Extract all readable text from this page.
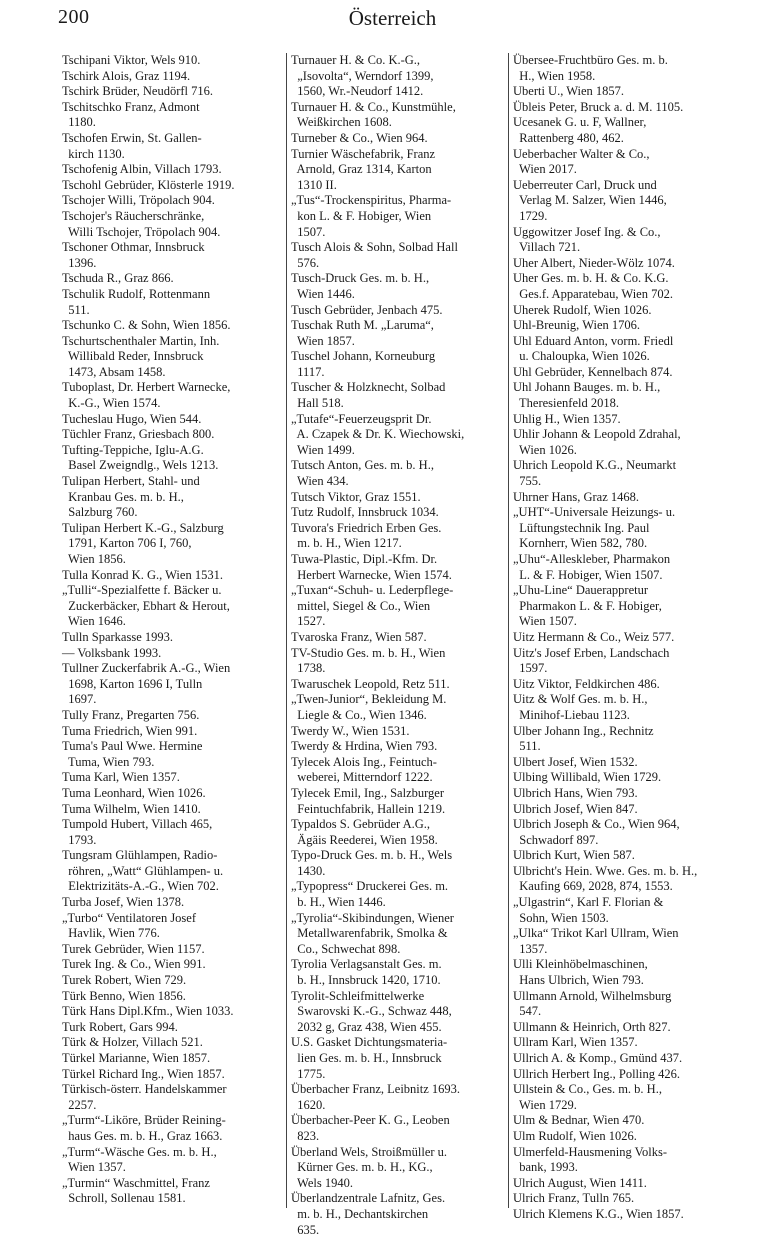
200	Österreich
Tschipani Viktor, Wels 910.
Tschirk Alois, Graz 1194.
Tschirk Brüder, Neudörfl 716.
Tschitschko Franz, Admont
1180.
Tschofen Erwin, St. Gallen-
kirch 1130.
Tschofenig Albin, Villach 1793.
Tschohl Gebrüder, Klösterle 1919.
Tschojer Willi, Tröpolach 904.
Tschojer's Räucherschränke,
Willi Tschojer, Tröpolach 904.
Tschoner Othmar, Innsbruck
1396.
Tschuda R., Graz 866.
Tschulik Rudolf, Rottenmann
511.
Tschunko C. & Sohn, Wien 1856.
Tschurtschenthaler Martin, Inh.
Willibald Reder, Innsbruck
1473, Absam 1458.
Tuboplast, Dr. Herbert Warnecke,
K.-G., Wien 1574.
Tucheslau Hugo, Wien 544.
Tüchler Franz, Griesbach 800.
Tufting-Teppiche, Iglu-A.G.
Basel Zweigndlg., Wels 1213.
Tulipan Herbert, Stahl- und
Kranbau Ges. m. b. H.,
Salzburg 760.
Tulipan Herbert K.-G., Salzburg
1791, Karton 706 I, 760,
Wien 1856.
Tulla Konrad K. G., Wien 1531.
„Tulli“-Spezialfette f. Bäcker u.
Zuckerbäcker, Ebhart & Herout,
Wien 1646.
Tulln Sparkasse 1993.
— Volksbank 1993.
Tullner Zuckerfabrik A.-G., Wien
1698, Karton 1696 I, Tulln
1697.
Tully Franz, Pregarten 756.
Tuma Friedrich, Wien 991.
Tuma's Paul Wwe. Hermine
Tuma, Wien 793.
Tuma Karl, Wien 1357.
Tuma Leonhard, Wien 1026.
Tuma Wilhelm, Wien 1410.
Tumpold Hubert, Villach 465,
1793.
Tungsram Glühlampen, Radio-
röhren, „Watt“ Glühlampen- u.
Elektrizitäts-A.-G., Wien 702.
Turba Josef, Wien 1378.
„Turbo“ Ventilatoren Josef
Havlik, Wien 776.
Turek Gebrüder, Wien 1157.
Turek Ing. & Co., Wien 991.
Turek Robert, Wien 729.
Türk Benno, Wien 1856.
Türk Hans Dipl.Kfm., Wien 1033.
Turk Robert, Gars 994.
Türk & Holzer, Villach 521.
Türkel Marianne, Wien 1857.
Türkel Richard Ing., Wien 1857.
Türkisch-österr. Handelskammer
2257.
„Turm“-Liköre, Brüder Reining-
haus Ges. m. b. H., Graz 1663.
„Turm“-Wäsche Ges. m. b. H.,
Wien 1357.
„Turmin“ Waschmittel, Franz
Schroll, Sollenau 1581.
Turnauer H. & Co. K.-G.,
„Isovolta“, Werndorf 1399,
1560, Wr.-Neudorf 1412.
Turnauer H. & Co., Kunstmühle,
Weißkirchen 1608.
Turneber & Co., Wien 964.
Turnier Wäschefabrik, Franz
Arnold, Graz 1314, Karton
1310 II.
„Tus“-Trockenspiritus, Pharma-
kon L. & F. Hobiger, Wien
1507.
Tusch Alois & Sohn, Solbad Hall
576.
Tusch-Druck Ges. m. b. H.,
Wien 1446.
Tusch Gebrüder, Jenbach 475.
Tuschak Ruth M. „Laruma“,
Wien 1857.
Tuschel Johann, Korneuburg
1117.
Tuscher & Holzknecht, Solbad
Hall 518.
„Tutafe“-Feuerzeugsprit Dr.
A. Czapek & Dr. K. Wiechowski,
Wien 1499.
Tutsch Anton, Ges. m. b. H.,
Wien 434.
Tutsch Viktor, Graz 1551.
Tutz Rudolf, Innsbruck 1034.
Tuvora's Friedrich Erben Ges.
m. b. H., Wien 1217.
Tuwa-Plastic, Dipl.-Kfm. Dr.
Herbert Warnecke, Wien 1574.
„Tuxan“-Schuh- u. Lederpflege-
mittel, Siegel & Co., Wien
1527.
Tvaroska Franz, Wien 587.
TV-Studio Ges. m. b. H., Wien
1738.
Twaruschek Leopold, Retz 511.
„Twen-Junior“, Bekleidung M.
Liegle & Co., Wien 1346.
Twerdy W., Wien 1531.
Twerdy & Hrdina, Wien 793.
Tylecek Alois Ing., Feintuch-
weberei, Mitterndorf 1222.
Tylecek Emil, Ing., Salzburger
Feintuchfabrik, Hallein 1219.
Typaldos S. Gebrüder A.G.,
Ägäis Reederei, Wien 1958.
Typo-Druck Ges. m. b. H., Wels
1430.
„Typopress“ Druckerei Ges. m.
b. H., Wien 1446.
„Tyrolia“-Skibindungen, Wiener
Metallwarenfabrik, Smolka &
Co., Schwechat 898.
Tyrolia Verlagsanstalt Ges. m.
b. H., Innsbruck 1420, 1710.
Tyrolit-Schleifmittelwerke
Swarovski K.-G., Schwaz 448,
2032 g, Graz 438, Wien 455.
U.S. Gasket Dichtungsmateria-
lien Ges. m. b. H., Innsbruck
1775.
Überbacher Franz, Leibnitz 1693.
1620.
Überbacher-Peer K. G., Leoben
823.
Überland Wels, Stroißmüller u.
Kürner Ges. m. b. H., KG.,
Wels 1940.
Überlandzentrale Lafnitz, Ges.
m. b. H., Dechantskirchen
635.
Übersee-Fruchtbüro Ges. m. b.
H., Wien 1958.
Uberti U., Wien 1857.
Übleis Peter, Bruck a. d. M. 1105.
Ucesanek G. u. F, Wallner,
Rattenberg 480, 462.
Ueberbacher Walter & Co.,
Wien 2017.
Ueberreuter Carl, Druck und
Verlag M. Salzer, Wien 1446,
1729.
Uggowitzer Josef Ing. & Co.,
Villach 721.
Uher Albert, Nieder-Wölz 1074.
Uher Ges. m. b. H. & Co. K.G.
Ges.f. Apparatebau, Wien 702.
Uherek Rudolf, Wien 1026.
Uhl-Breunig, Wien 1706.
Uhl Eduard Anton, vorm. Friedl
u. Chaloupka, Wien 1026.
Uhl Gebrüder, Kennelbach 874.
Uhl Johann Bauges. m. b. H.,
Theresienfeld 2018.
Uhlig H., Wien 1357.
Uhlir Johann & Leopold Zdrahal,
Wien 1026.
Uhrich Leopold K.G., Neumarkt
755.
Uhrner Hans, Graz 1468.
„UHT“-Universale Heizungs- u.
Lüftungstechnik Ing. Paul
Kornherr, Wien 582, 780.
„Uhu“-Alleskleber, Pharmakon
L. & F. Hobiger, Wien 1507.
„Uhu-Line“ Dauerappretur
Pharmakon L. & F. Hobiger,
Wien 1507.
Uitz Hermann & Co., Weiz 577.
Uitz's Josef Erben, Landschach
1597.
Uitz Viktor, Feldkirchen 486.
Uitz & Wolf Ges. m. b. H.,
Minihof-Liebau 1123.
Ulber Johann Ing., Rechnitz
511.
Ulbert Josef, Wien 1532.
Ulbing Willibald, Wien 1729.
Ulbrich Hans, Wien 793.
Ulbrich Josef, Wien 847.
Ulbrich Joseph & Co., Wien 964,
Schwadorf 897.
Ulbrich Kurt, Wien 587.
Ulbricht's Hein. Wwe. Ges. m. b. H.,
Kaufing 669, 2028, 874, 1553.
„Ulgastrin“, Karl F. Florian &
Sohn, Wien 1503.
„Ulka“ Trikot Karl Ullram, Wien
1357.
Ulli Kleinhöbelmaschinen,
Hans Ulbrich, Wien 793.
Ullmann Arnold, Wilhelmsburg
547.
Ullmann & Heinrich, Orth 827.
Ullram Karl, Wien 1357.
Ullrich A. & Komp., Gmünd 437.
Ullrich Herbert Ing., Polling 426.
Ullstein & Co., Ges. m. b. H.,
Wien 1729.
Ulm & Bednar, Wien 470.
Ulm Rudolf, Wien 1026.
Ulmerfeld-Hausmening Volks-
bank, 1993.
Ulrich August, Wien 1411.
Ulrich Franz, Tulln 765.
Ulrich Klemens K.G., Wien 1857.
